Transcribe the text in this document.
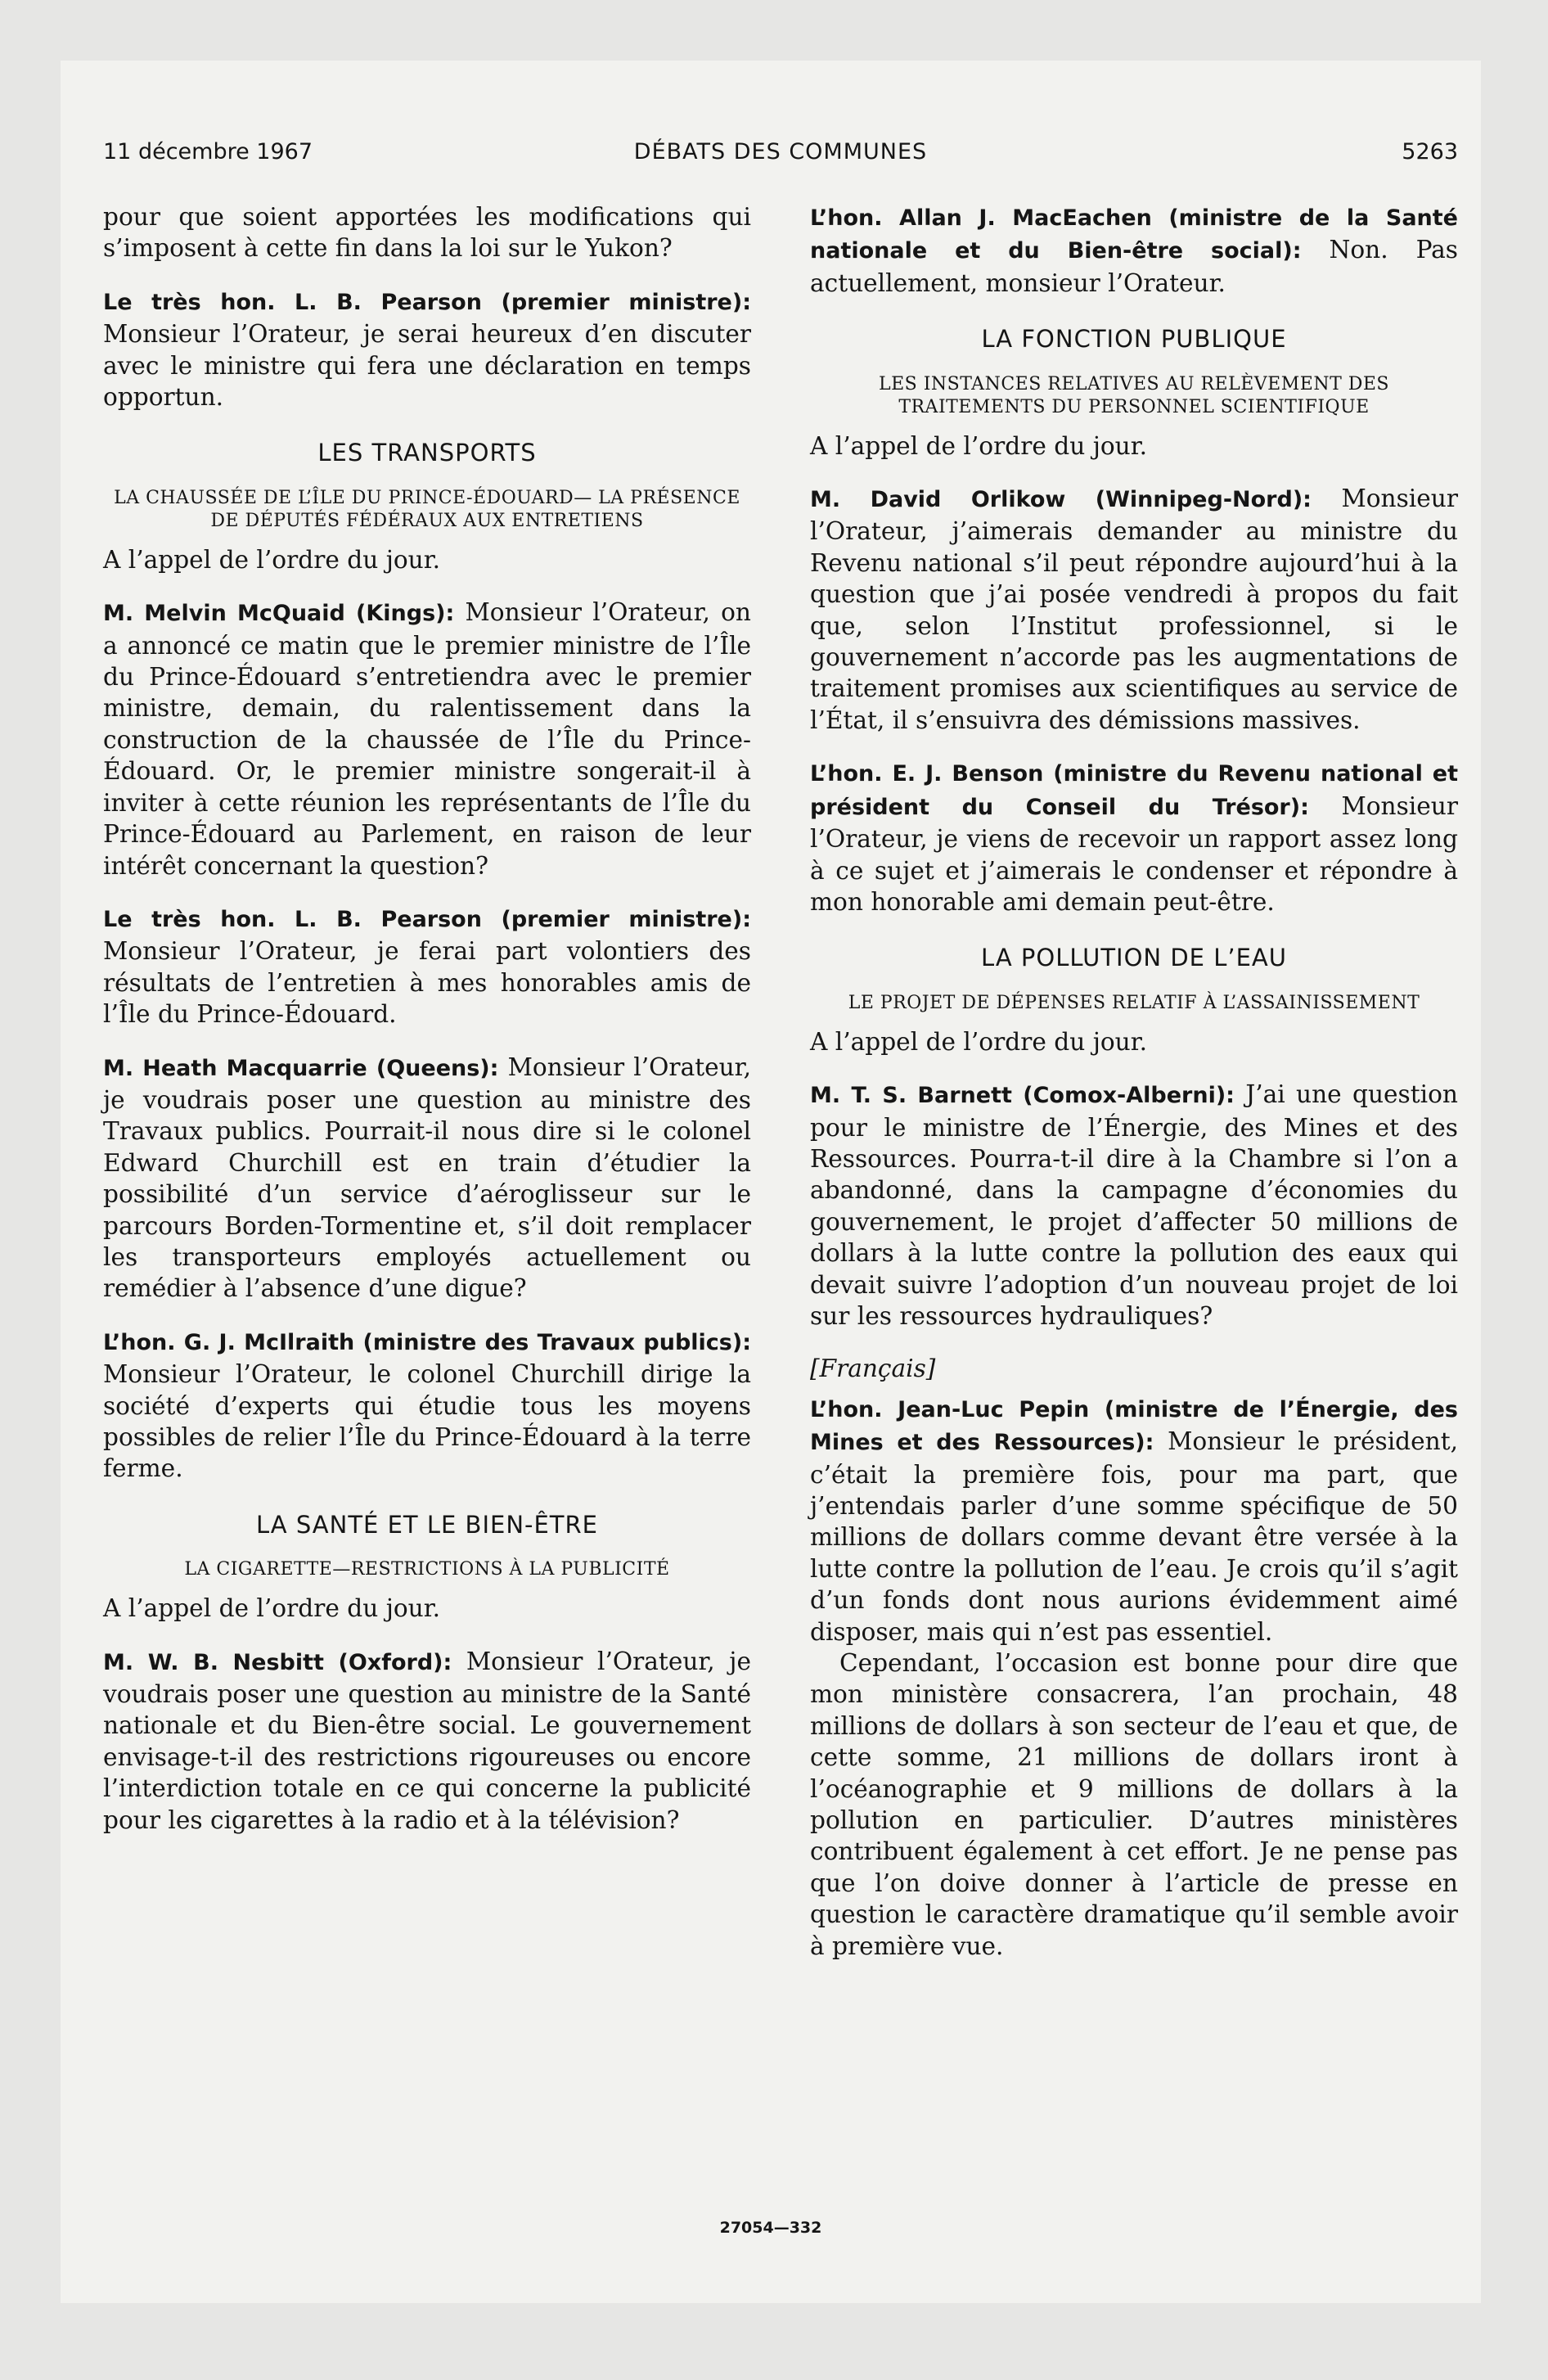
11 décembre 1967	DÉBATS DES COMMUNES	5263

pour que soient apportées les modifications qui s’imposent à cette fin dans la loi sur le Yukon?

Le très hon. L. B. Pearson (premier ministre): Monsieur l’Orateur, je serai heureux d’en discuter avec le ministre qui fera une déclaration en temps opportun.

LES TRANSPORTS
LA CHAUSSÉE DE L’ÎLE DU PRINCE-ÉDOUARD— LA PRÉSENCE DE DÉPUTÉS FÉDÉRAUX AUX ENTRETIENS

A l’appel de l’ordre du jour.

M. Melvin McQuaid (Kings): Monsieur l’Orateur, on a annoncé ce matin que le premier ministre de l’Île du Prince-Édouard s’entretiendra avec le premier ministre, demain, du ralentissement dans la construction de la chaussée de l’Île du Prince-Édouard. Or, le premier ministre songerait-il à inviter à cette réunion les représentants de l’Île du Prince-Édouard au Parlement, en raison de leur intérêt concernant la question?

Le très hon. L. B. Pearson (premier ministre): Monsieur l’Orateur, je ferai part volontiers des résultats de l’entretien à mes honorables amis de l’Île du Prince-Édouard.

M. Heath Macquarrie (Queens): Monsieur l’Orateur, je voudrais poser une question au ministre des Travaux publics. Pourrait-il nous dire si le colonel Edward Churchill est en train d’étudier la possibilité d’un service d’aéroglisseur sur le parcours Borden-Tormentine et, s’il doit remplacer les transporteurs employés actuellement ou remédier à l’absence d’une digue?

L’hon. G. J. McIlraith (ministre des Travaux publics): Monsieur l’Orateur, le colonel Churchill dirige la société d’experts qui étudie tous les moyens possibles de relier l’Île du Prince-Édouard à la terre ferme.

LA SANTÉ ET LE BIEN-ÊTRE
LA CIGARETTE—RESTRICTIONS À LA PUBLICITÉ

A l’appel de l’ordre du jour.

M. W. B. Nesbitt (Oxford): Monsieur l’Orateur, je voudrais poser une question au ministre de la Santé nationale et du Bien-être social. Le gouvernement envisage-t-il des restrictions rigoureuses ou encore l’interdiction totale en ce qui concerne la publicité pour les cigarettes à la radio et à la télévision?

L’hon. Allan J. MacEachen (ministre de la Santé nationale et du Bien-être social): Non. Pas actuellement, monsieur l’Orateur.

LA FONCTION PUBLIQUE
LES INSTANCES RELATIVES AU RELÈVEMENT DES TRAITEMENTS DU PERSONNEL SCIENTIFIQUE

A l’appel de l’ordre du jour.

M. David Orlikow (Winnipeg-Nord): Monsieur l’Orateur, j’aimerais demander au ministre du Revenu national s’il peut répondre aujourd’hui à la question que j’ai posée vendredi à propos du fait que, selon l’Institut professionnel, si le gouvernement n’accorde pas les augmentations de traitement promises aux scientifiques au service de l’État, il s’ensuivra des démissions massives.

L’hon. E. J. Benson (ministre du Revenu national et président du Conseil du Trésor): Monsieur l’Orateur, je viens de recevoir un rapport assez long à ce sujet et j’aimerais le condenser et répondre à mon honorable ami demain peut-être.

LA POLLUTION DE L’EAU
LE PROJET DE DÉPENSES RELATIF À L’ASSAINISSEMENT

A l’appel de l’ordre du jour.

M. T. S. Barnett (Comox-Alberni): J’ai une question pour le ministre de l’Énergie, des Mines et des Ressources. Pourra-t-il dire à la Chambre si l’on a abandonné, dans la campagne d’économies du gouvernement, le projet d’affecter 50 millions de dollars à la lutte contre la pollution des eaux qui devait suivre l’adoption d’un nouveau projet de loi sur les ressources hydrauliques?

[Français]

L’hon. Jean-Luc Pepin (ministre de l’Énergie, des Mines et des Ressources): Monsieur le président, c’était la première fois, pour ma part, que j’entendais parler d’une somme spécifique de 50 millions de dollars comme devant être versée à la lutte contre la pollution de l’eau. Je crois qu’il s’agit d’un fonds dont nous aurions évidemment aimé disposer, mais qui n’est pas essentiel.

Cependant, l’occasion est bonne pour dire que mon ministère consacrera, l’an prochain, 48 millions de dollars à son secteur de l’eau et que, de cette somme, 21 millions de dollars iront à l’océanographie et 9 millions de dollars à la pollution en particulier. D’autres ministères contribuent également à cet effort. Je ne pense pas que l’on doive donner à l’article de presse en question le caractère dramatique qu’il semble avoir à première vue.

27054—332
